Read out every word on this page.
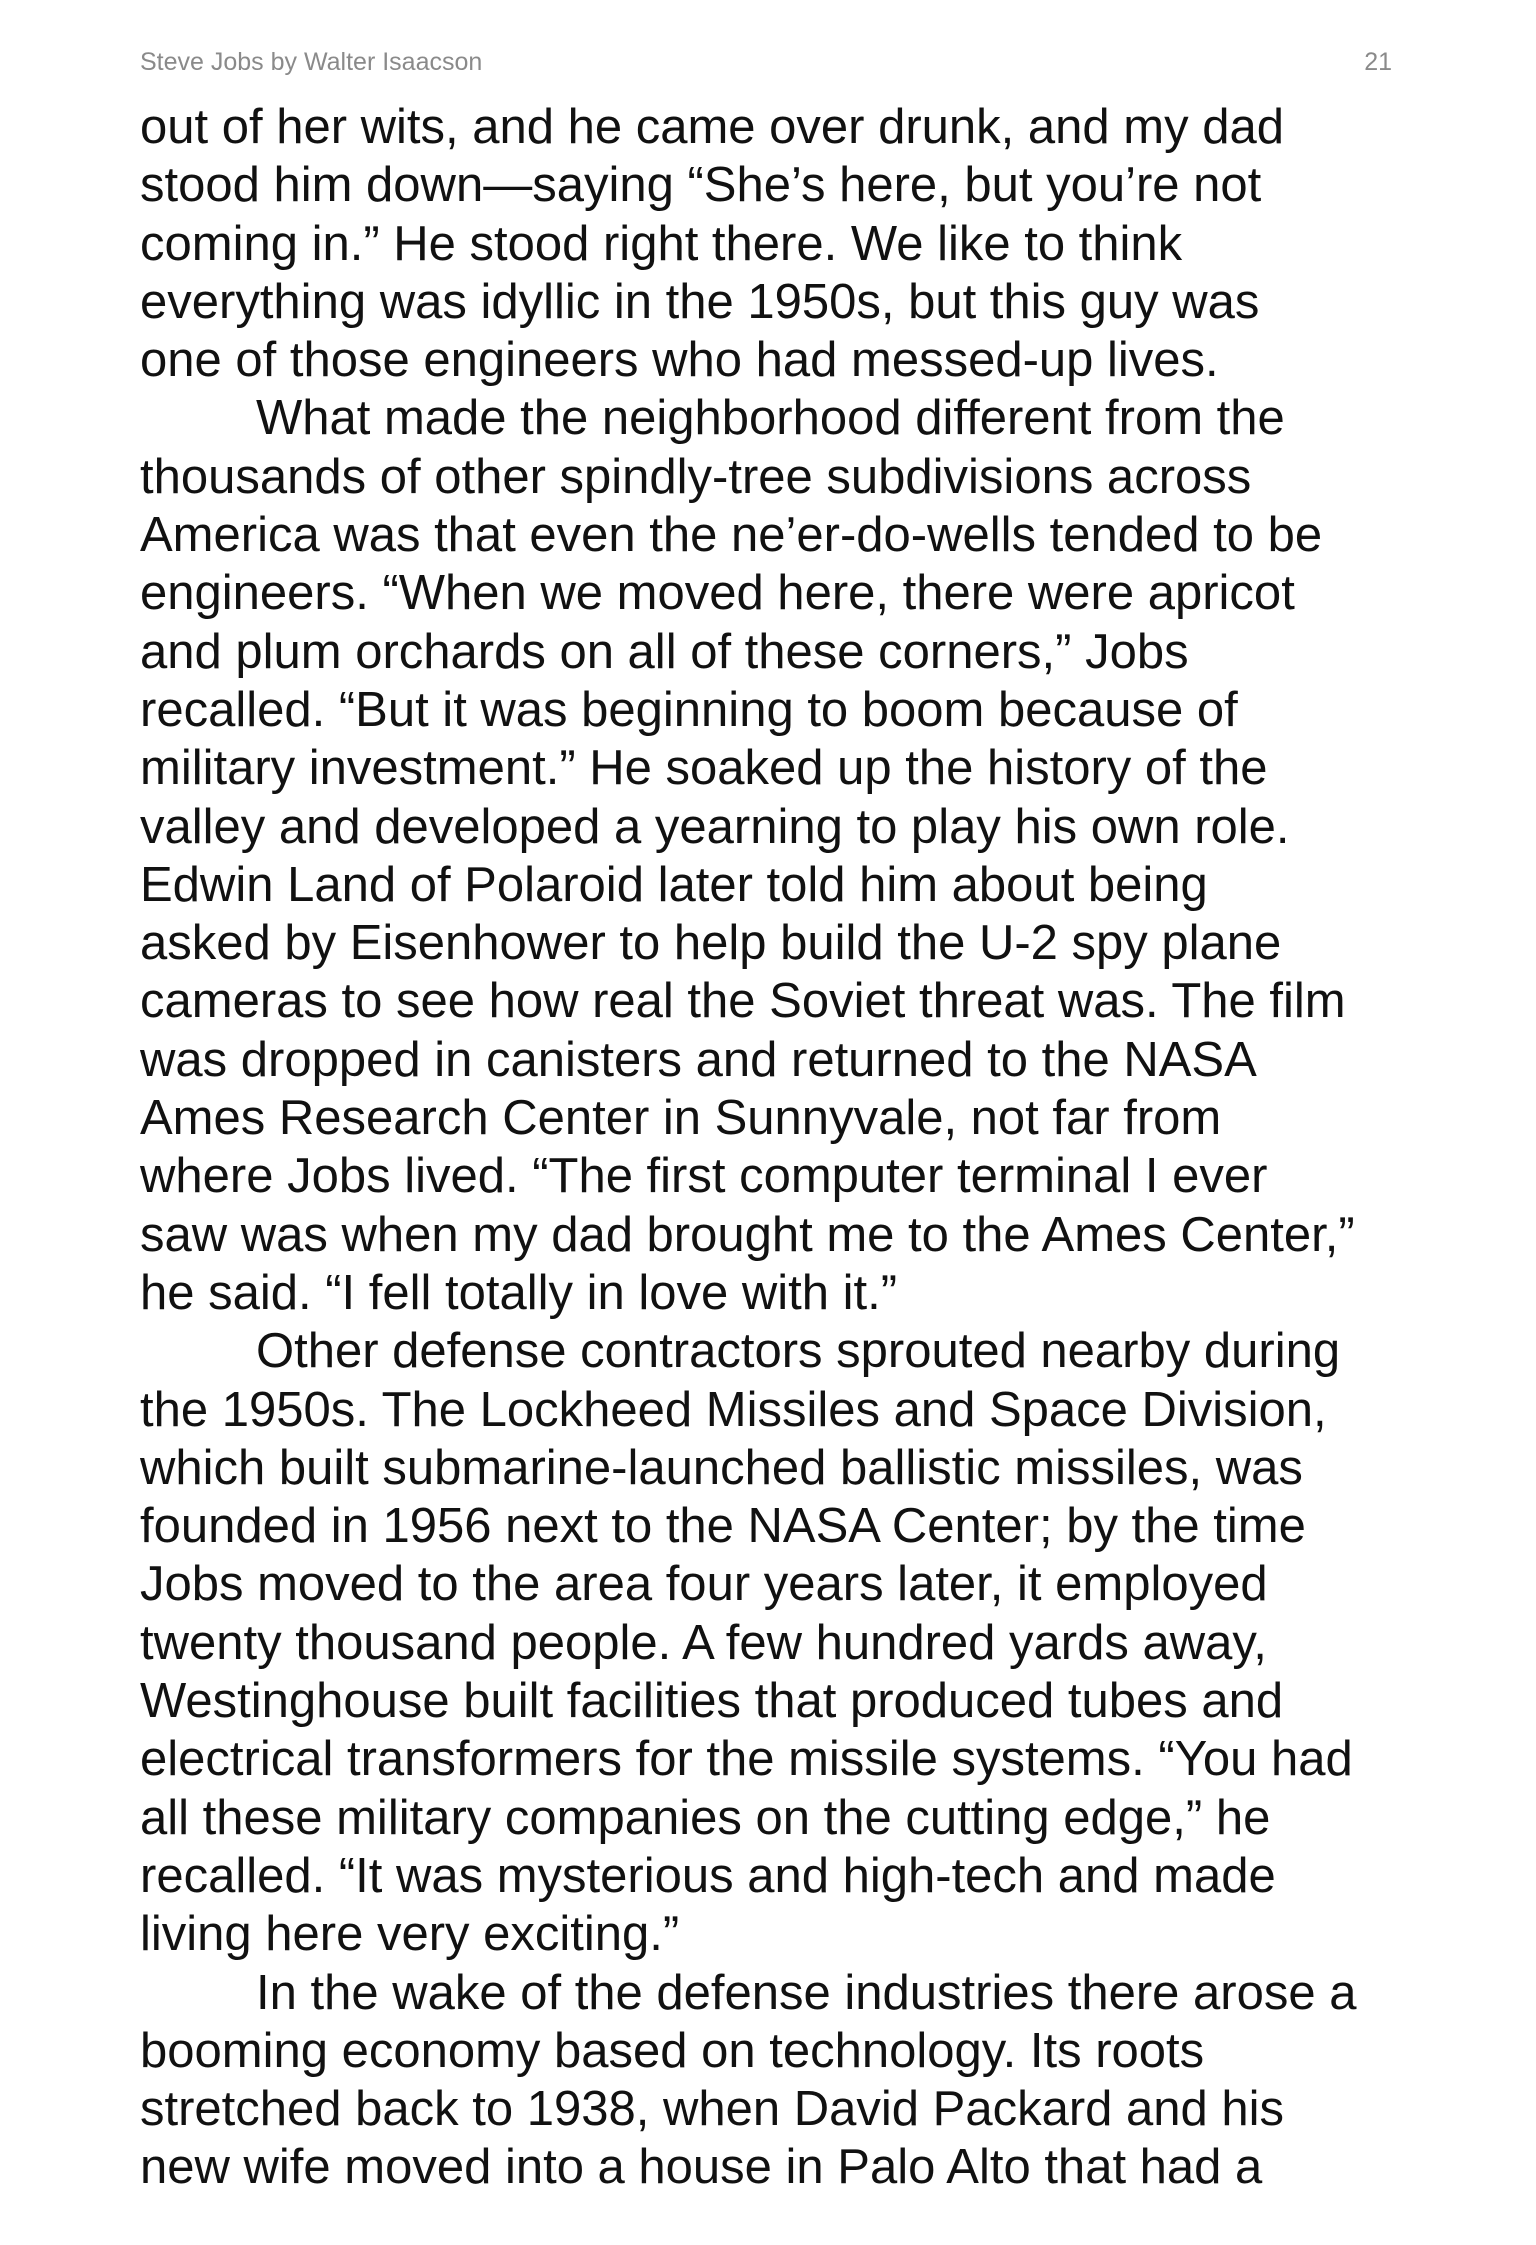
Steve Jobs by Walter Isaacson	21
out of her wits, and he came over drunk, and my dad
stood him down—saying “She’s here, but you’re not
coming in.” He stood right there. We like to think
everything was idyllic in the 1950s, but this guy was
one of those engineers who had messed-up lives.
What made the neighborhood different from the
thousands of other spindly-tree subdivisions across
America was that even the ne’er-do-wells tended to be
engineers. “When we moved here, there were apricot
and plum orchards on all of these corners,” Jobs
recalled. “But it was beginning to boom because of
military investment.” He soaked up the history of the
valley and developed a yearning to play his own role.
Edwin Land of Polaroid later told him about being
asked by Eisenhower to help build the U-2 spy plane
cameras to see how real the Soviet threat was. The film
was dropped in canisters and returned to the NASA
Ames Research Center in Sunnyvale, not far from
where Jobs lived. “The first computer terminal I ever
saw was when my dad brought me to the Ames Center,”
he said. “I fell totally in love with it.”
Other defense contractors sprouted nearby during
the 1950s. The Lockheed Missiles and Space Division,
which built submarine-launched ballistic missiles, was
founded in 1956 next to the NASA Center; by the time
Jobs moved to the area four years later, it employed
twenty thousand people. A few hundred yards away,
Westinghouse built facilities that produced tubes and
electrical transformers for the missile systems. “You had
all these military companies on the cutting edge,” he
recalled. “It was mysterious and high-tech and made
living here very exciting.”
In the wake of the defense industries there arose a
booming economy based on technology. Its roots
stretched back to 1938, when David Packard and his
new wife moved into a house in Palo Alto that had a
